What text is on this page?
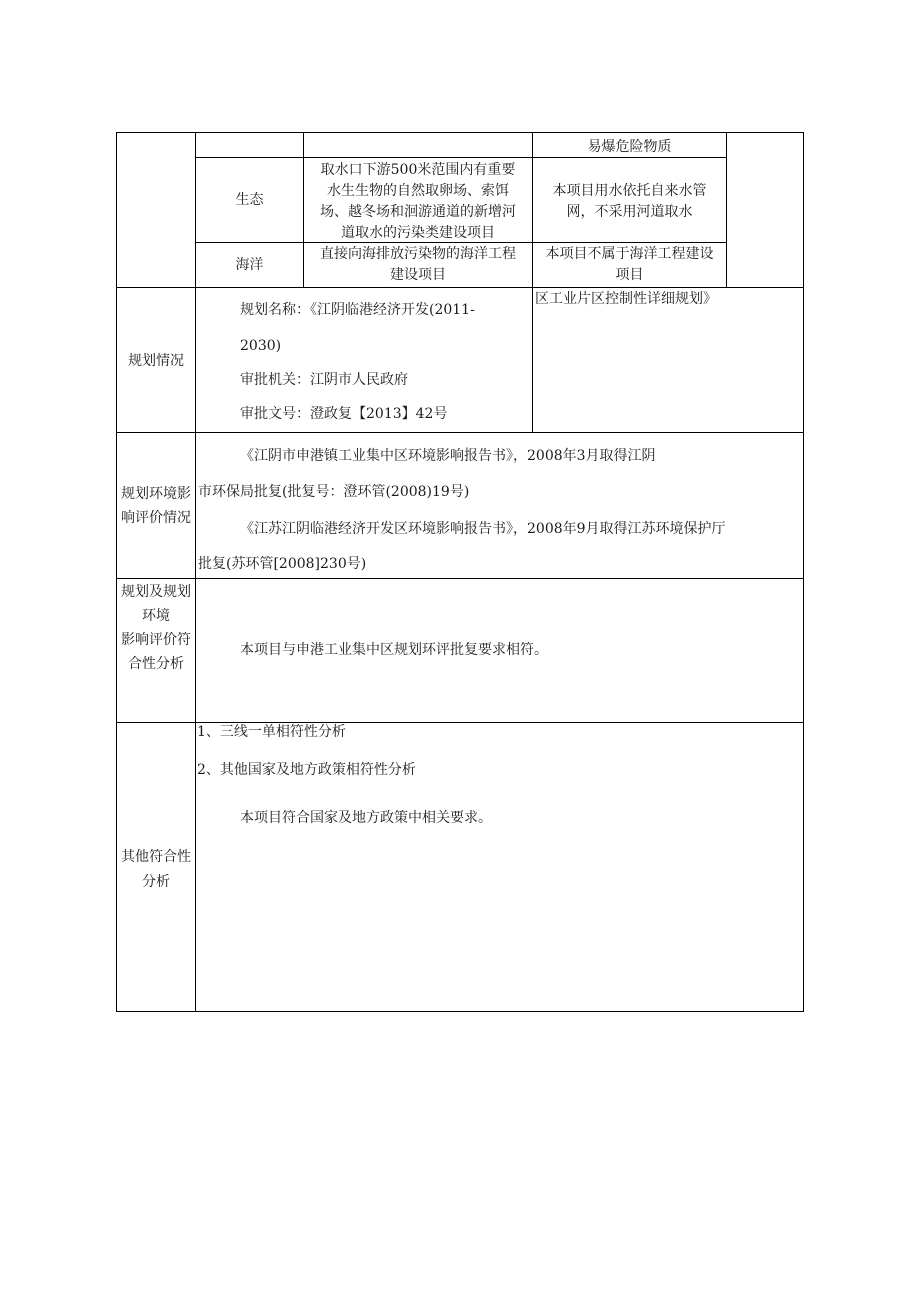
易爆危险物质
生态
取水口下游500米范围内有重要
水生生物的自然取卵场、索饵
场、越冬场和洄游通道的新增河
道取水的污染类建设项目
本项目用水依托自来水管
网，不采用河道取水
海洋
直接向海排放污染物的海洋工程
建设项目
本项目不属于海洋工程建设
项目
规划情况
规划名称：《江阴临港经济开发(2011-
区工业片区控制性详细规划》
2030)
审批机关：江阴市人民政府
审批文号：澄政复【2013】42号
规划环境影
响评价情况
《江阴市申港镇工业集中区环境影响报告书》，2008年3月取得江阴
市环保局批复(批复号：澄环管(2008)19号)
《江苏江阴临港经济开发区环境影响报告书》，2008年9月取得江苏环境保护厅
批复(苏环管[2008]230号)
规划及规划
环境
影响评价符
合性分析
本项目与申港工业集中区规划环评批复要求相符。
1、三线一单相符性分析
2、其他国家及地方政策相符性分析
本项目符合国家及地方政策中相关要求。
其他符合性
分析
